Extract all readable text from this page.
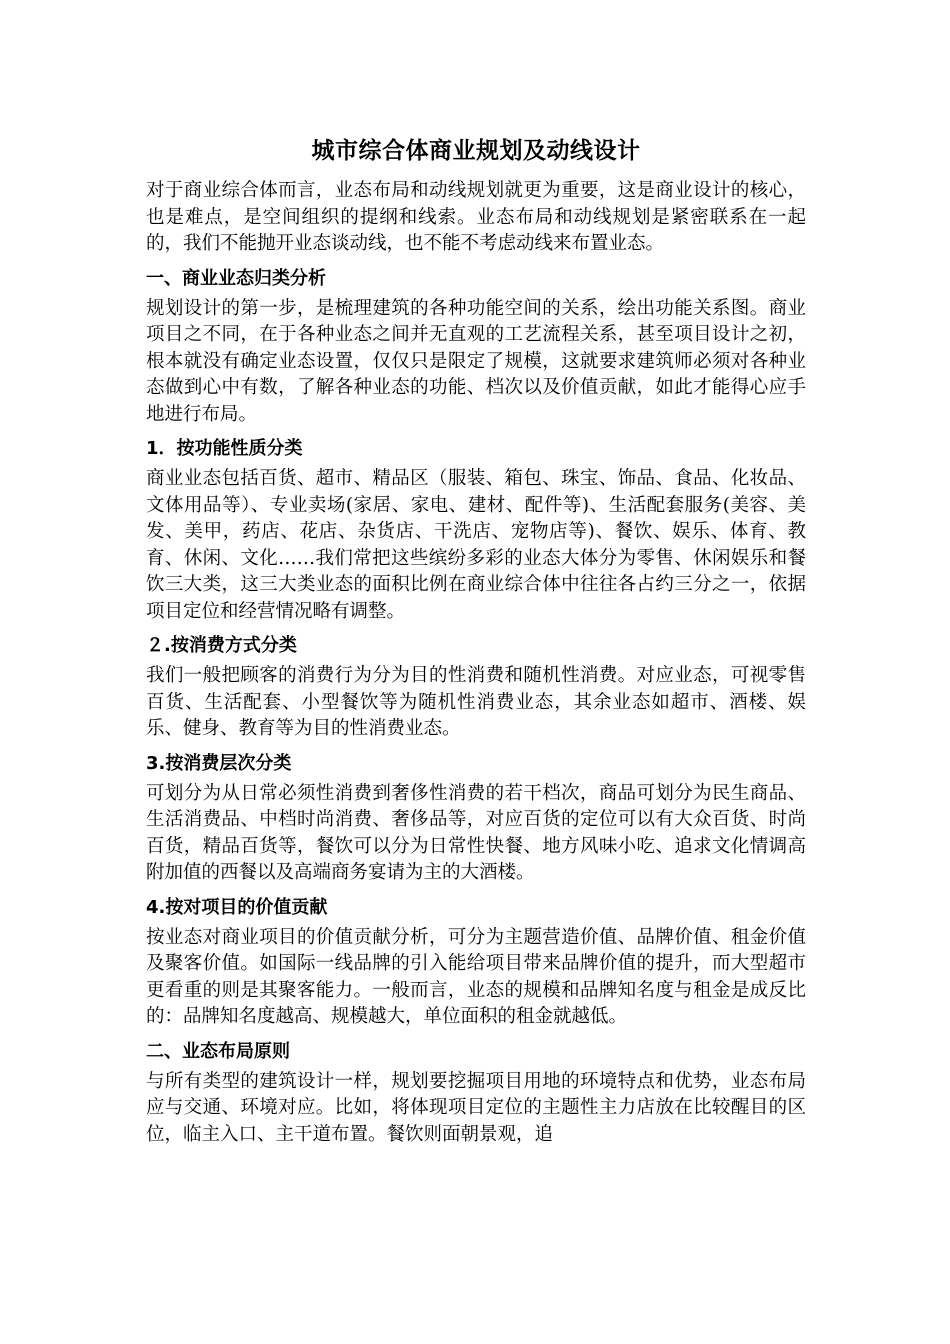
城市综合体商业规划及动线设计

对于商业综合体而言，业态布局和动线规划就更为重要，这是商业设计的核心，也是难点，是空间组织的提纲和线索。业态布局和动线规划是紧密联系在一起的，我们不能抛开业态谈动线，也不能不考虑动线来布置业态。

一、商业业态归类分析

规划设计的第一步，是梳理建筑的各种功能空间的关系，绘出功能关系图。商业项目之不同，在于各种业态之间并无直观的工艺流程关系，甚至项目设计之初，根本就没有确定业态设置，仅仅只是限定了规模，这就要求建筑师必须对各种业态做到心中有数，了解各种业态的功能、档次以及价值贡献，如此才能得心应手地进行布局。

1．按功能性质分类

商业业态包括百货、超市、精品区（服装、箱包、珠宝、饰品、食品、化妆品、文体用品等）、专业卖场(家居、家电、建材、配件等)、生活配套服务(美容、美发、美甲，药店、花店、杂货店、干洗店、宠物店等)、餐饮、娱乐、体育、教育、休闲、文化……我们常把这些缤纷多彩的业态大体分为零售、休闲娱乐和餐饮三大类，这三大类业态的面积比例在商业综合体中往往各占约三分之一，依据项目定位和经营情况略有调整。

２.按消费方式分类

我们一般把顾客的消费行为分为目的性消费和随机性消费。对应业态，可视零售百货、生活配套、小型餐饮等为随机性消费业态，其余业态如超市、酒楼、娱乐、健身、教育等为目的性消费业态。

3.按消费层次分类

可划分为从日常必须性消费到奢侈性消费的若干档次，商品可划分为民生商品、生活消费品、中档时尚消费、奢侈品等，对应百货的定位可以有大众百货、时尚百货，精品百货等，餐饮可以分为日常性快餐、地方风味小吃、追求文化情调高附加值的西餐以及高端商务宴请为主的大酒楼。

4.按对项目的价值贡献

按业态对商业项目的价值贡献分析，可分为主题营造价值、品牌价值、租金价值及聚客价值。如国际一线品牌的引入能给项目带来品牌价值的提升，而大型超市更看重的则是其聚客能力。一般而言，业态的规模和品牌知名度与租金是成反比的：品牌知名度越高、规模越大，单位面积的租金就越低。

二、业态布局原则

与所有类型的建筑设计一样，规划要挖掘项目用地的环境特点和优势，业态布局应与交通、环境对应。比如，将体现项目定位的主题性主力店放在比较醒目的区位，临主入口、主干道布置。餐饮则面朝景观，追
